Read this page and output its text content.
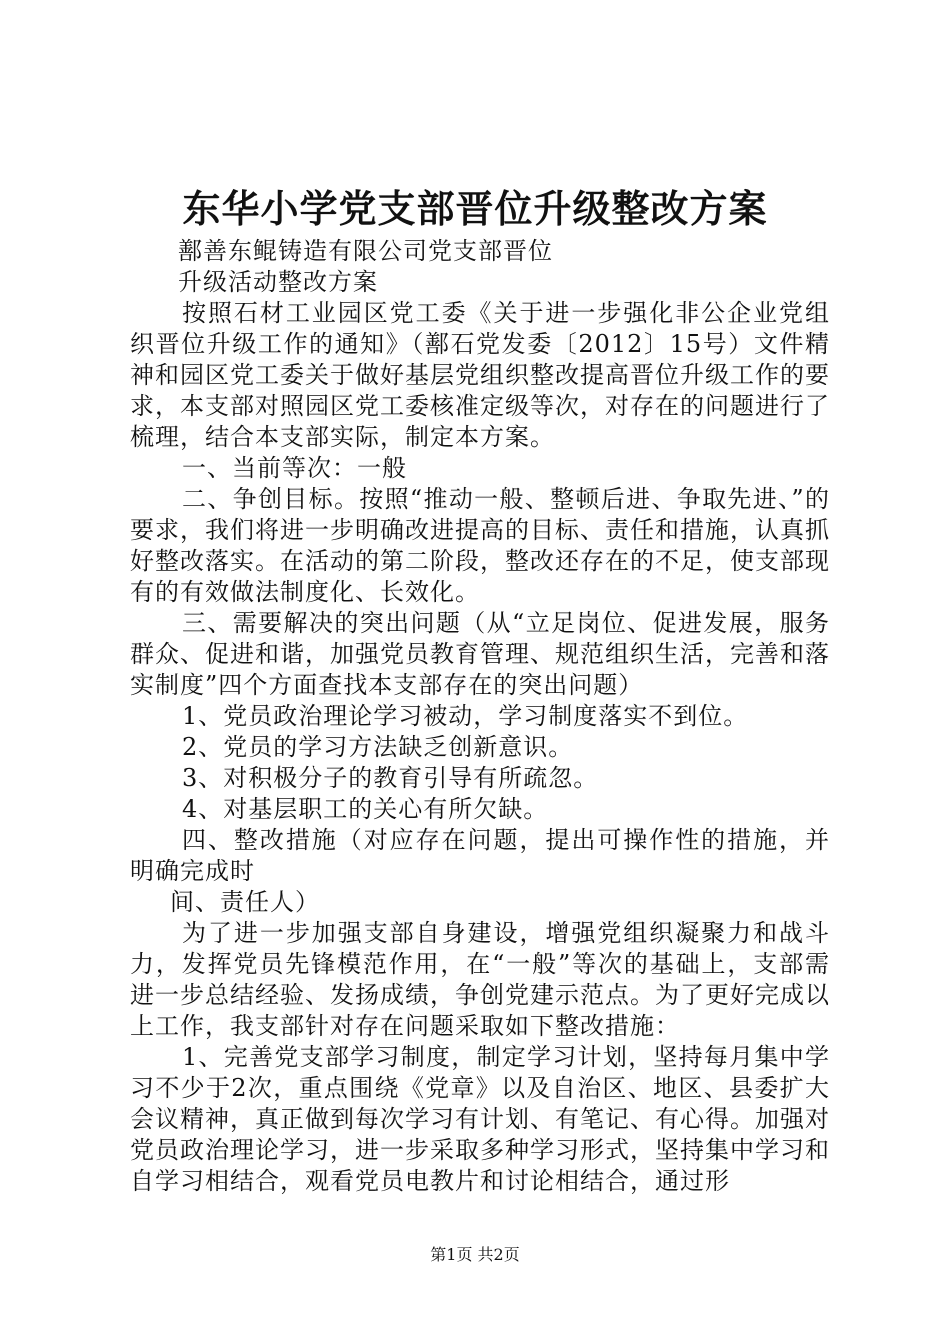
东华小学党支部晋位升级整改方案

鄯善东鲲铸造有限公司党支部晋位

升级活动整改方案

按照石材工业园区党工委《关于进一步强化非公企业党组织晋位升级工作的通知》（鄯石党发委〔2012〕15号）文件精神和园区党工委关于做好基层党组织整改提高晋位升级工作的要求，本支部对照园区党工委核准定级等次，对存在的问题进行了梳理，结合本支部实际，制定本方案。

一、当前等次：一般

二、争创目标。按照“推动一般、整顿后进、争取先进、”的要求，我们将进一步明确改进提高的目标、责任和措施，认真抓好整改落实。在活动的第二阶段，整改还存在的不足，使支部现有的有效做法制度化、长效化。

三、需要解决的突出问题（从“立足岗位、促进发展，服务群众、促进和谐，加强党员教育管理、规范组织生活，完善和落实制度”四个方面查找本支部存在的突出问题）

1、党员政治理论学习被动，学习制度落实不到位。

2、党员的学习方法缺乏创新意识。

3、对积极分子的教育引导有所疏忽。

4、对基层职工的关心有所欠缺。

四、整改措施（对应存在问题，提出可操作性的措施，并明确完成时

间、责任人）

为了进一步加强支部自身建设，增强党组织凝聚力和战斗力，发挥党员先锋模范作用，在“一般”等次的基础上，支部需进一步总结经验、发扬成绩，争创党建示范点。为了更好完成以上工作，我支部针对存在问题采取如下整改措施：

1、完善党支部学习制度，制定学习计划，坚持每月集中学习不少于2次，重点围绕《党章》以及自治区、地区、县委扩大会议精神，真正做到每次学习有计划、有笔记、有心得。加强对党员政治理论学习，进一步采取多种学习形式，坚持集中学习和自学习相结合，观看党员电教片和讨论相结合，通过形

第1页 共2页
